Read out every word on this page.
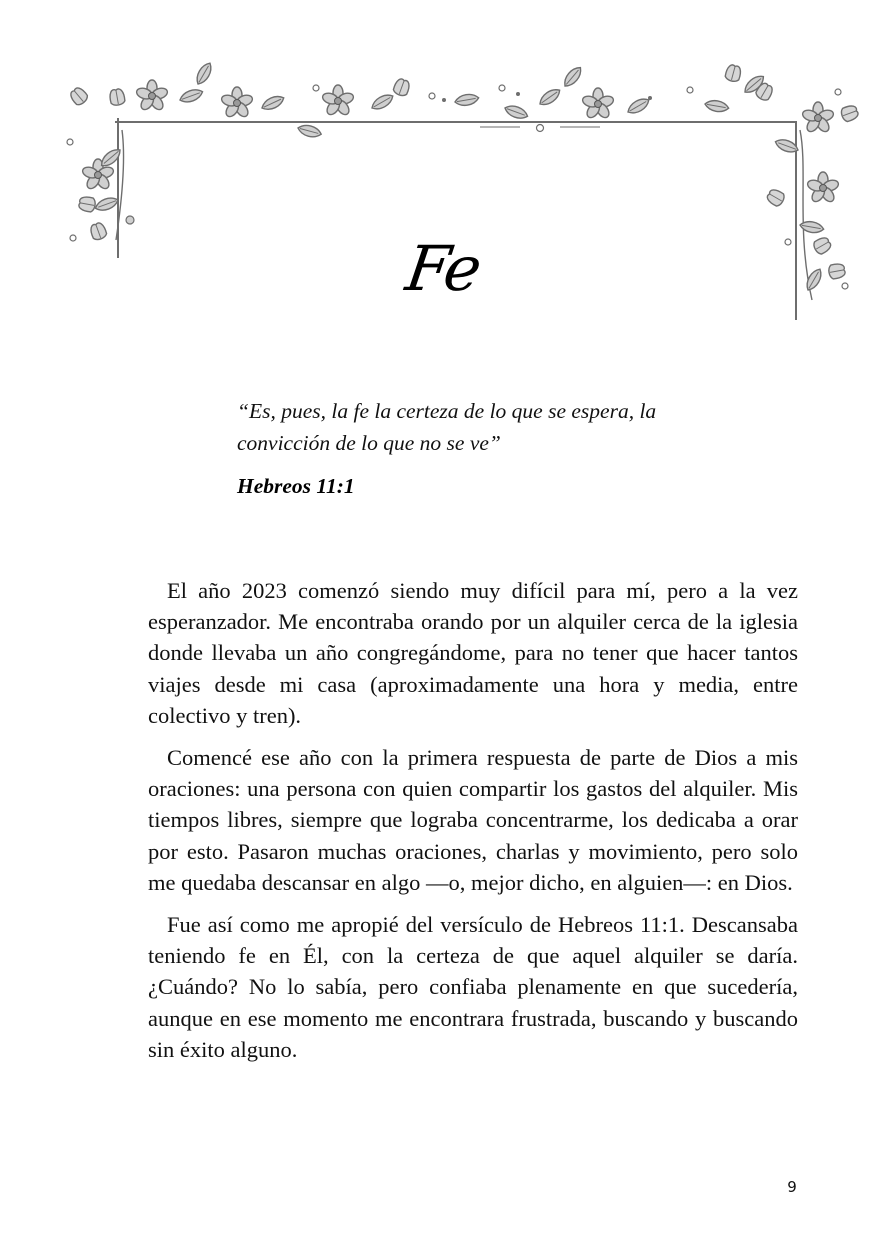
Fe
“Es, pues, la fe la certeza de lo que se espera, la convicción de lo que no se ve”
Hebreos 11:1

El año 2023 comenzó siendo muy difícil para mí, pero a la vez esperanzador. Me encontraba orando por un alquiler cerca de la iglesia donde llevaba un año congregándome, para no tener que hacer tantos viajes desde mi casa (aproximadamente una hora y media, entre colectivo y tren).

Comencé ese año con la primera respuesta de parte de Dios a mis oraciones: una persona con quien compartir los gastos del alquiler. Mis tiempos libres, siempre que lograba concentrarme, los dedicaba a orar por esto. Pasaron muchas oraciones, charlas y movimiento, pero solo me quedaba descansar en algo —o, mejor dicho, en alguien—: en Dios.

Fue así como me apropié del versículo de Hebreos 11:1. Descansaba teniendo fe en Él, con la certeza de que aquel alquiler se daría. ¿Cuándo? No lo sabía, pero confiaba plenamente en que sucedería, aunque en ese momento me encontrara frustrada, buscando y buscando sin éxito alguno.

9
